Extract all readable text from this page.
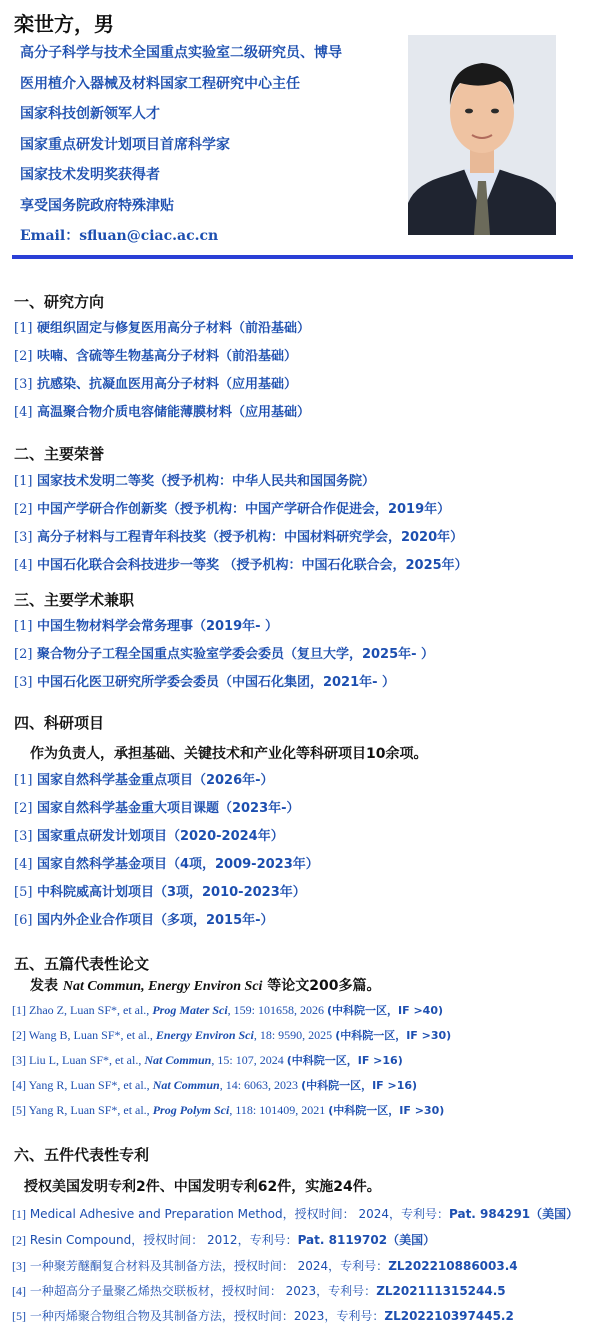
栾世方，男
高分子科学与技术全国重点实验室二级研究员、博导
医用植介入器械及材料国家工程研究中心主任
国家科技创新领军人才
国家重点研发计划项目首席科学家
国家技术发明奖获得者
享受国务院政府特殊津贴
Email：sfluan@ciac.ac.cn
一、研究方向
[1] 硬组织固定与修复医用高分子材料（前沿基础）
[2] 呋喃、含硫等生物基高分子材料（前沿基础）
[3] 抗感染、抗凝血医用高分子材料（应用基础）
[4] 高温聚合物介质电容储能薄膜材料（应用基础）
二、主要荣誉
[1] 国家技术发明二等奖（授予机构：中华人民共和国国务院）
[2] 中国产学研合作创新奖（授予机构：中国产学研合作促进会，2019年）
[3] 高分子材料与工程青年科技奖（授予机构：中国材料研究学会，2020年）
[4] 中国石化联合会科技进步一等奖 （授予机构：中国石化联合会，2025年）
三、主要学术兼职
[1] 中国生物材料学会常务理事（2019年- ）
[2] 聚合物分子工程全国重点实验室学委会委员（复旦大学，2025年- ）
[3] 中国石化医卫研究所学委会委员（中国石化集团，2021年- ）
四、科研项目
作为负责人，承担基础、关键技术和产业化等科研项目10余项。
[1] 国家自然科学基金重点项目（2026年-）
[2] 国家自然科学基金重大项目课题（2023年-）
[3] 国家重点研发计划项目（2020-2024年）
[4] 国家自然科学基金项目（4项，2009-2023年）
[5] 中科院威高计划项目（3项，2010-2023年）
[6] 国内外企业合作项目（多项，2015年-）
五、五篇代表性论文
发表 Nat Commun, Energy Environ Sci 等论文200多篇。
[1] Zhao Z, Luan SF*, et al., Prog Mater Sci, 159: 101658, 2026 (中科院一区，IF >40)
[2] Wang B, Luan SF*, et al., Energy Environ Sci, 18: 9590, 2025 (中科院一区，IF >30)
[3] Liu L, Luan SF*, et al., Nat Commun, 15: 107, 2024 (中科院一区，IF >16)
[4] Yang R, Luan SF*, et al., Nat Commun, 14: 6063, 2023 (中科院一区，IF >16)
[5] Yang R, Luan SF*, et al., Prog Polym Sci, 118: 101409, 2021 (中科院一区，IF >30)
六、五件代表性专利
授权美国发明专利2件、中国发明专利62件，实施24件。
[1] Medical Adhesive and Preparation Method，授权时间： 2024，专利号：Pat. 984291（美国）
[2] Resin Compound，授权时间： 2012，专利号：Pat. 8119702（美国）
[3] 一种聚芳醚酮复合材料及其制备方法，授权时间： 2024，专利号：ZL202210886003.4
[4] 一种超高分子量聚乙烯热交联板材，授权时间： 2023，专利号：ZL202111315244.5
[5] 一种丙烯聚合物组合物及其制备方法，授权时间：2023，专利号：ZL202210397445.2
